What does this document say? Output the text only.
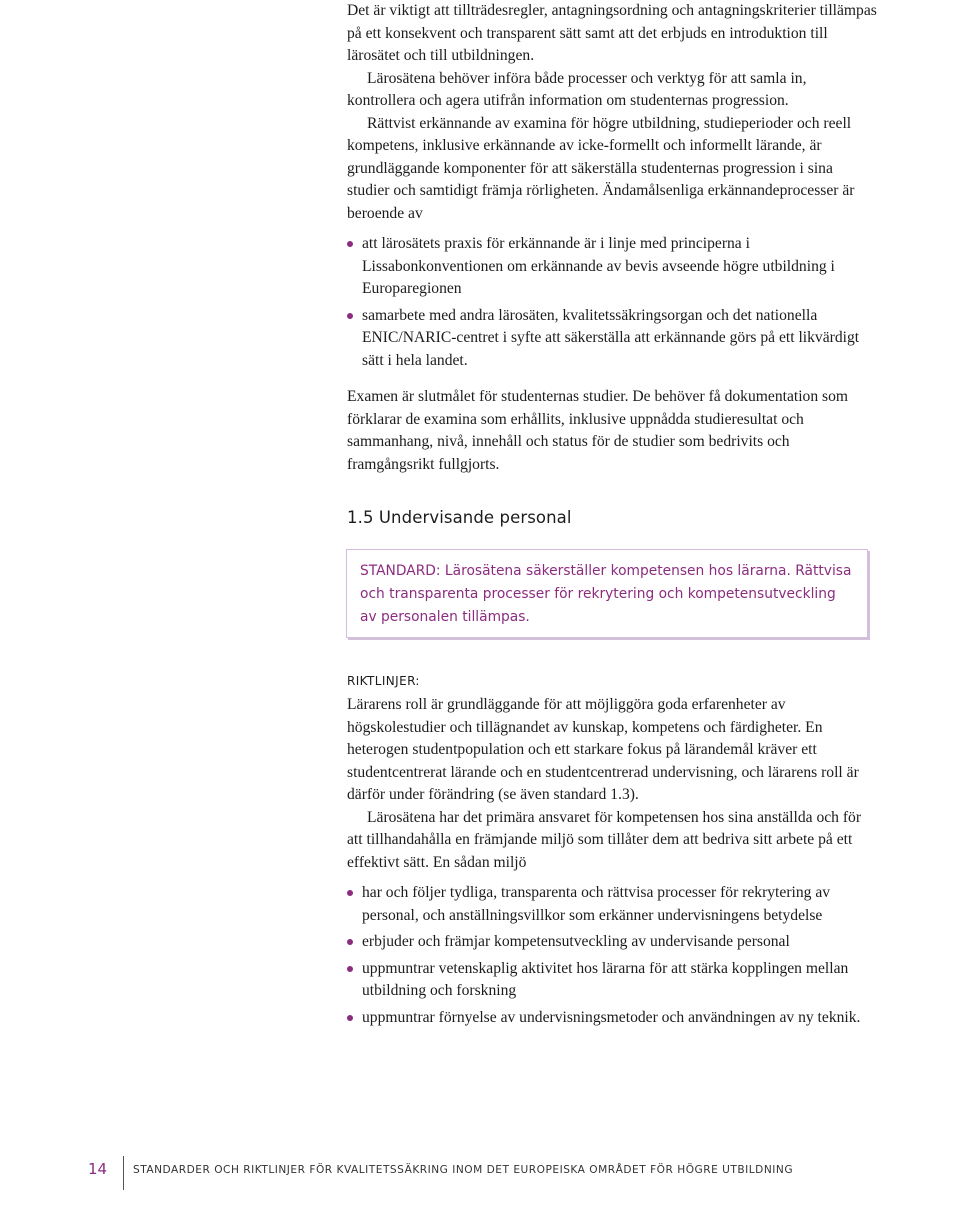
Det är viktigt att tillträdesregler, antagningsordning och antagningskriterier tillämpas på ett konsekvent och transparent sätt samt att det erbjuds en introduktion till lärosätet och till utbildningen.

Lärosätena behöver införa både processer och verktyg för att samla in, kontrollera och agera utifrån information om studenternas progression.

Rättvist erkännande av examina för högre utbildning, studieperioder och reell kompetens, inklusive erkännande av icke-formellt och informellt lärande, är grundläggande komponenter för att säkerställa studenternas progression i sina studier och samtidigt främja rörligheten. Ändamålsenliga erkännandeprocesser är beroende av

att lärosätets praxis för erkännande är i linje med principerna i Lissabonkonventionen om erkännande av bevis avseende högre utbildning i Europaregionen
samarbete med andra lärosäten, kvalitetssäkringsorgan och det nationella ENIC/NARIC-centret i syfte att säkerställa att erkännande görs på ett likvärdigt sätt i hela landet.

Examen är slutmålet för studenternas studier. De behöver få dokumentation som förklarar de examina som erhållits, inklusive uppnådda studieresultat och sammanhang, nivå, innehåll och status för de studier som bedrivits och framgångsrikt fullgjorts.

1.5 Undervisande personal

STANDARD: Lärosätena säkerställer kompetensen hos lärarna. Rättvisa och transparenta processer för rekrytering och kompetensutveckling av personalen tillämpas.

RIKTLINJER:

Lärarens roll är grundläggande för att möjliggöra goda erfarenheter av högskolestudier och tillägnandet av kunskap, kompetens och färdigheter. En heterogen studentpopulation och ett starkare fokus på lärandemål kräver ett studentcentrerat lärande och en studentcentrerad undervisning, och lärarens roll är därför under förändring (se även standard 1.3).

Lärosätena har det primära ansvaret för kompetensen hos sina anställda och för att tillhandahålla en främjande miljö som tillåter dem att bedriva sitt arbete på ett effektivt sätt. En sådan miljö

har och följer tydliga, transparenta och rättvisa processer för rekrytering av personal, och anställningsvillkor som erkänner undervisningens betydelse
erbjuder och främjar kompetensutveckling av undervisande personal
uppmuntrar vetenskaplig aktivitet hos lärarna för att stärka kopplingen mellan utbildning och forskning
uppmuntrar förnyelse av undervisningsmetoder och användningen av ny teknik.
14 STANDARDER OCH RIKTLINJER FÖR KVALITETSSÄKRING INOM DET EUROPEISKA OMRÅDET FÖR HÖGRE UTBILDNING
